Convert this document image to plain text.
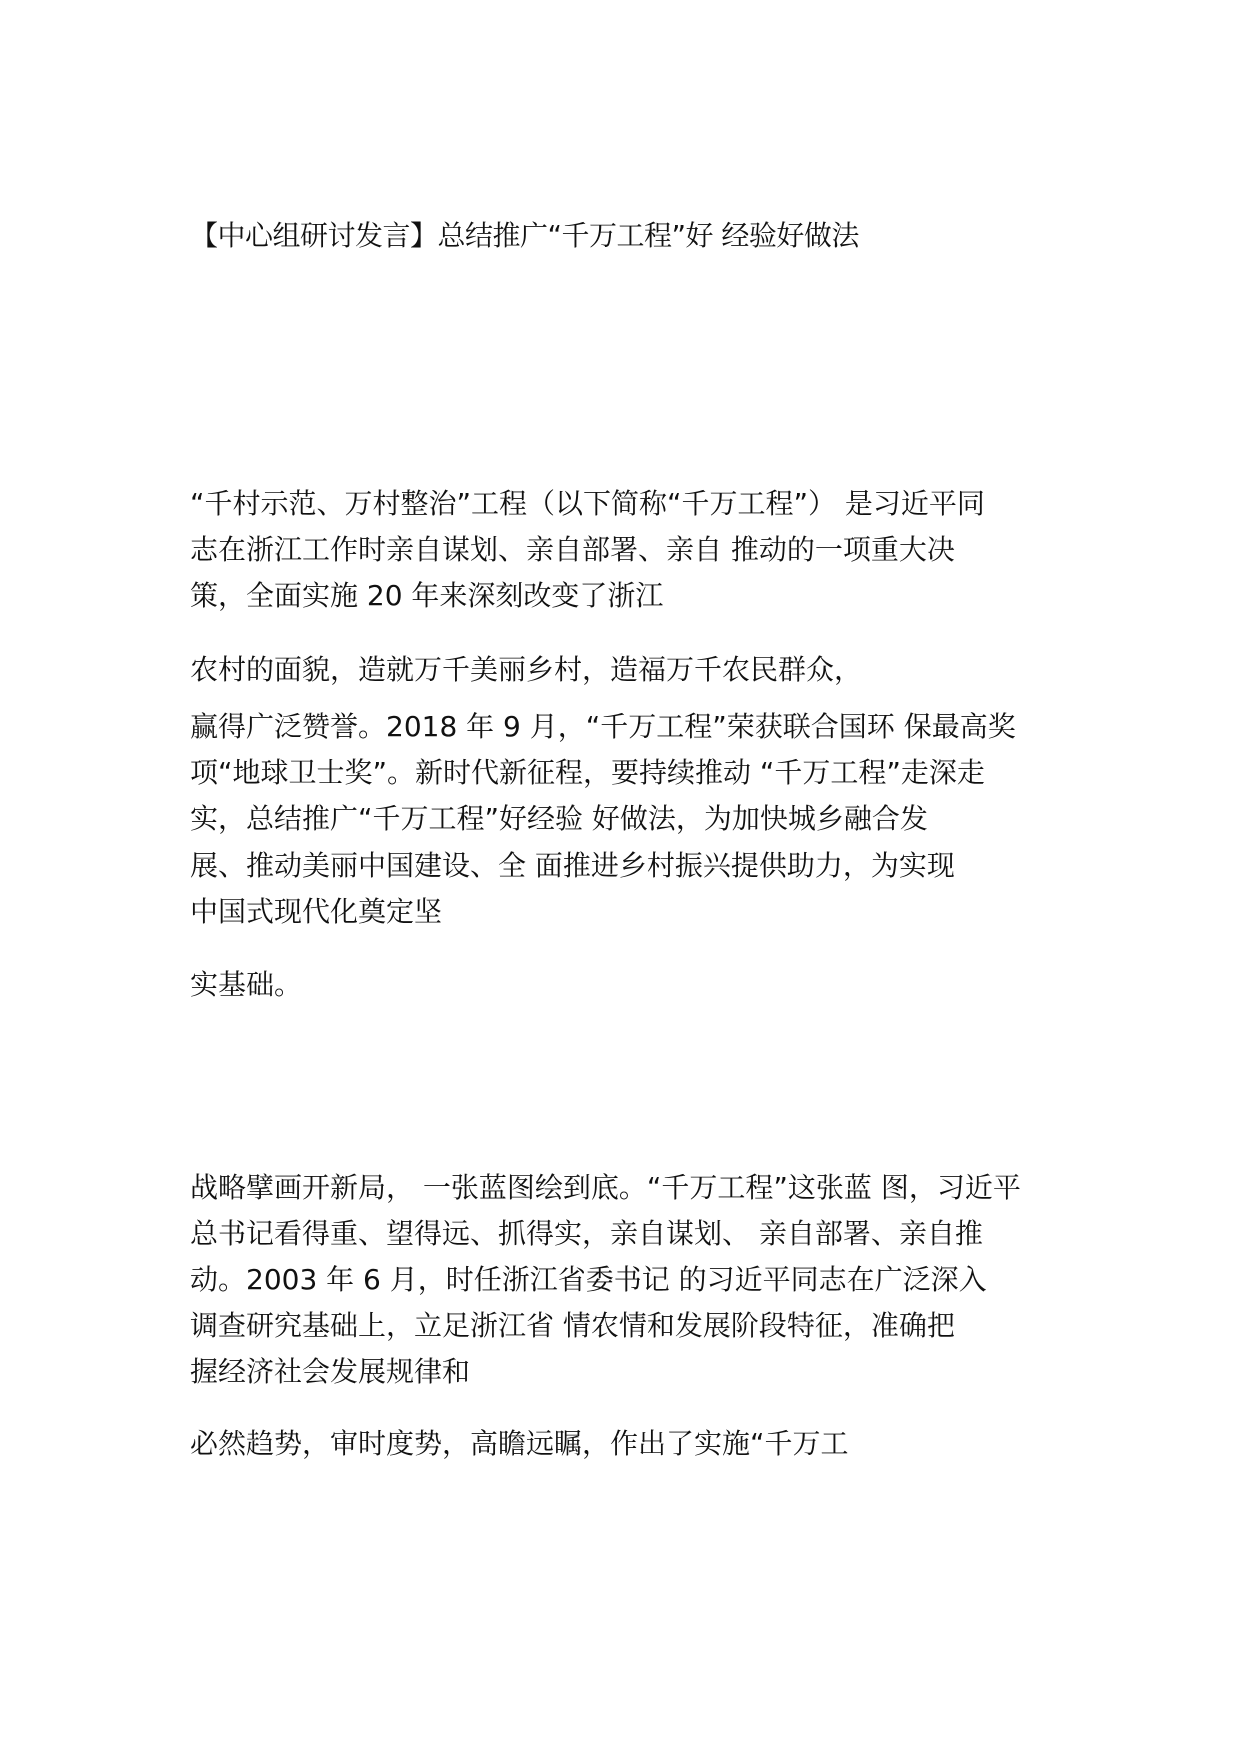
【中心组研讨发言】总结推广“千万工程”好 经验好做法
“千村示范、万村整治”工程（以下简称“千万工程”） 是习近平同
志在浙江工作时亲自谋划、亲自部署、亲自 推动的一项重大决
策，全面实施 20 年来深刻改变了浙江
农村的面貌，造就万千美丽乡村，造福万千农民群众，
赢得广泛赞誉。2018 年 9 月，“千万工程”荣获联合国环 保最高奖
项“地球卫士奖”。新时代新征程，要持续推动 “千万工程”走深走
实，总结推广“千万工程”好经验 好做法，为加快城乡融合发
展、推动美丽中国建设、全 面推进乡村振兴提供助力，为实现
中国式现代化奠定坚
实基础。
战略擘画开新局， 一张蓝图绘到底。“千万工程”这张蓝 图，习近平
总书记看得重、望得远、抓得实，亲自谋划、 亲自部署、亲自推
动。2003 年 6 月，时任浙江省委书记 的习近平同志在广泛深入
调查研究基础上，立足浙江省 情农情和发展阶段特征，准确把
握经济社会发展规律和
必然趋势，审时度势，高瞻远瞩，作出了实施“千万工
